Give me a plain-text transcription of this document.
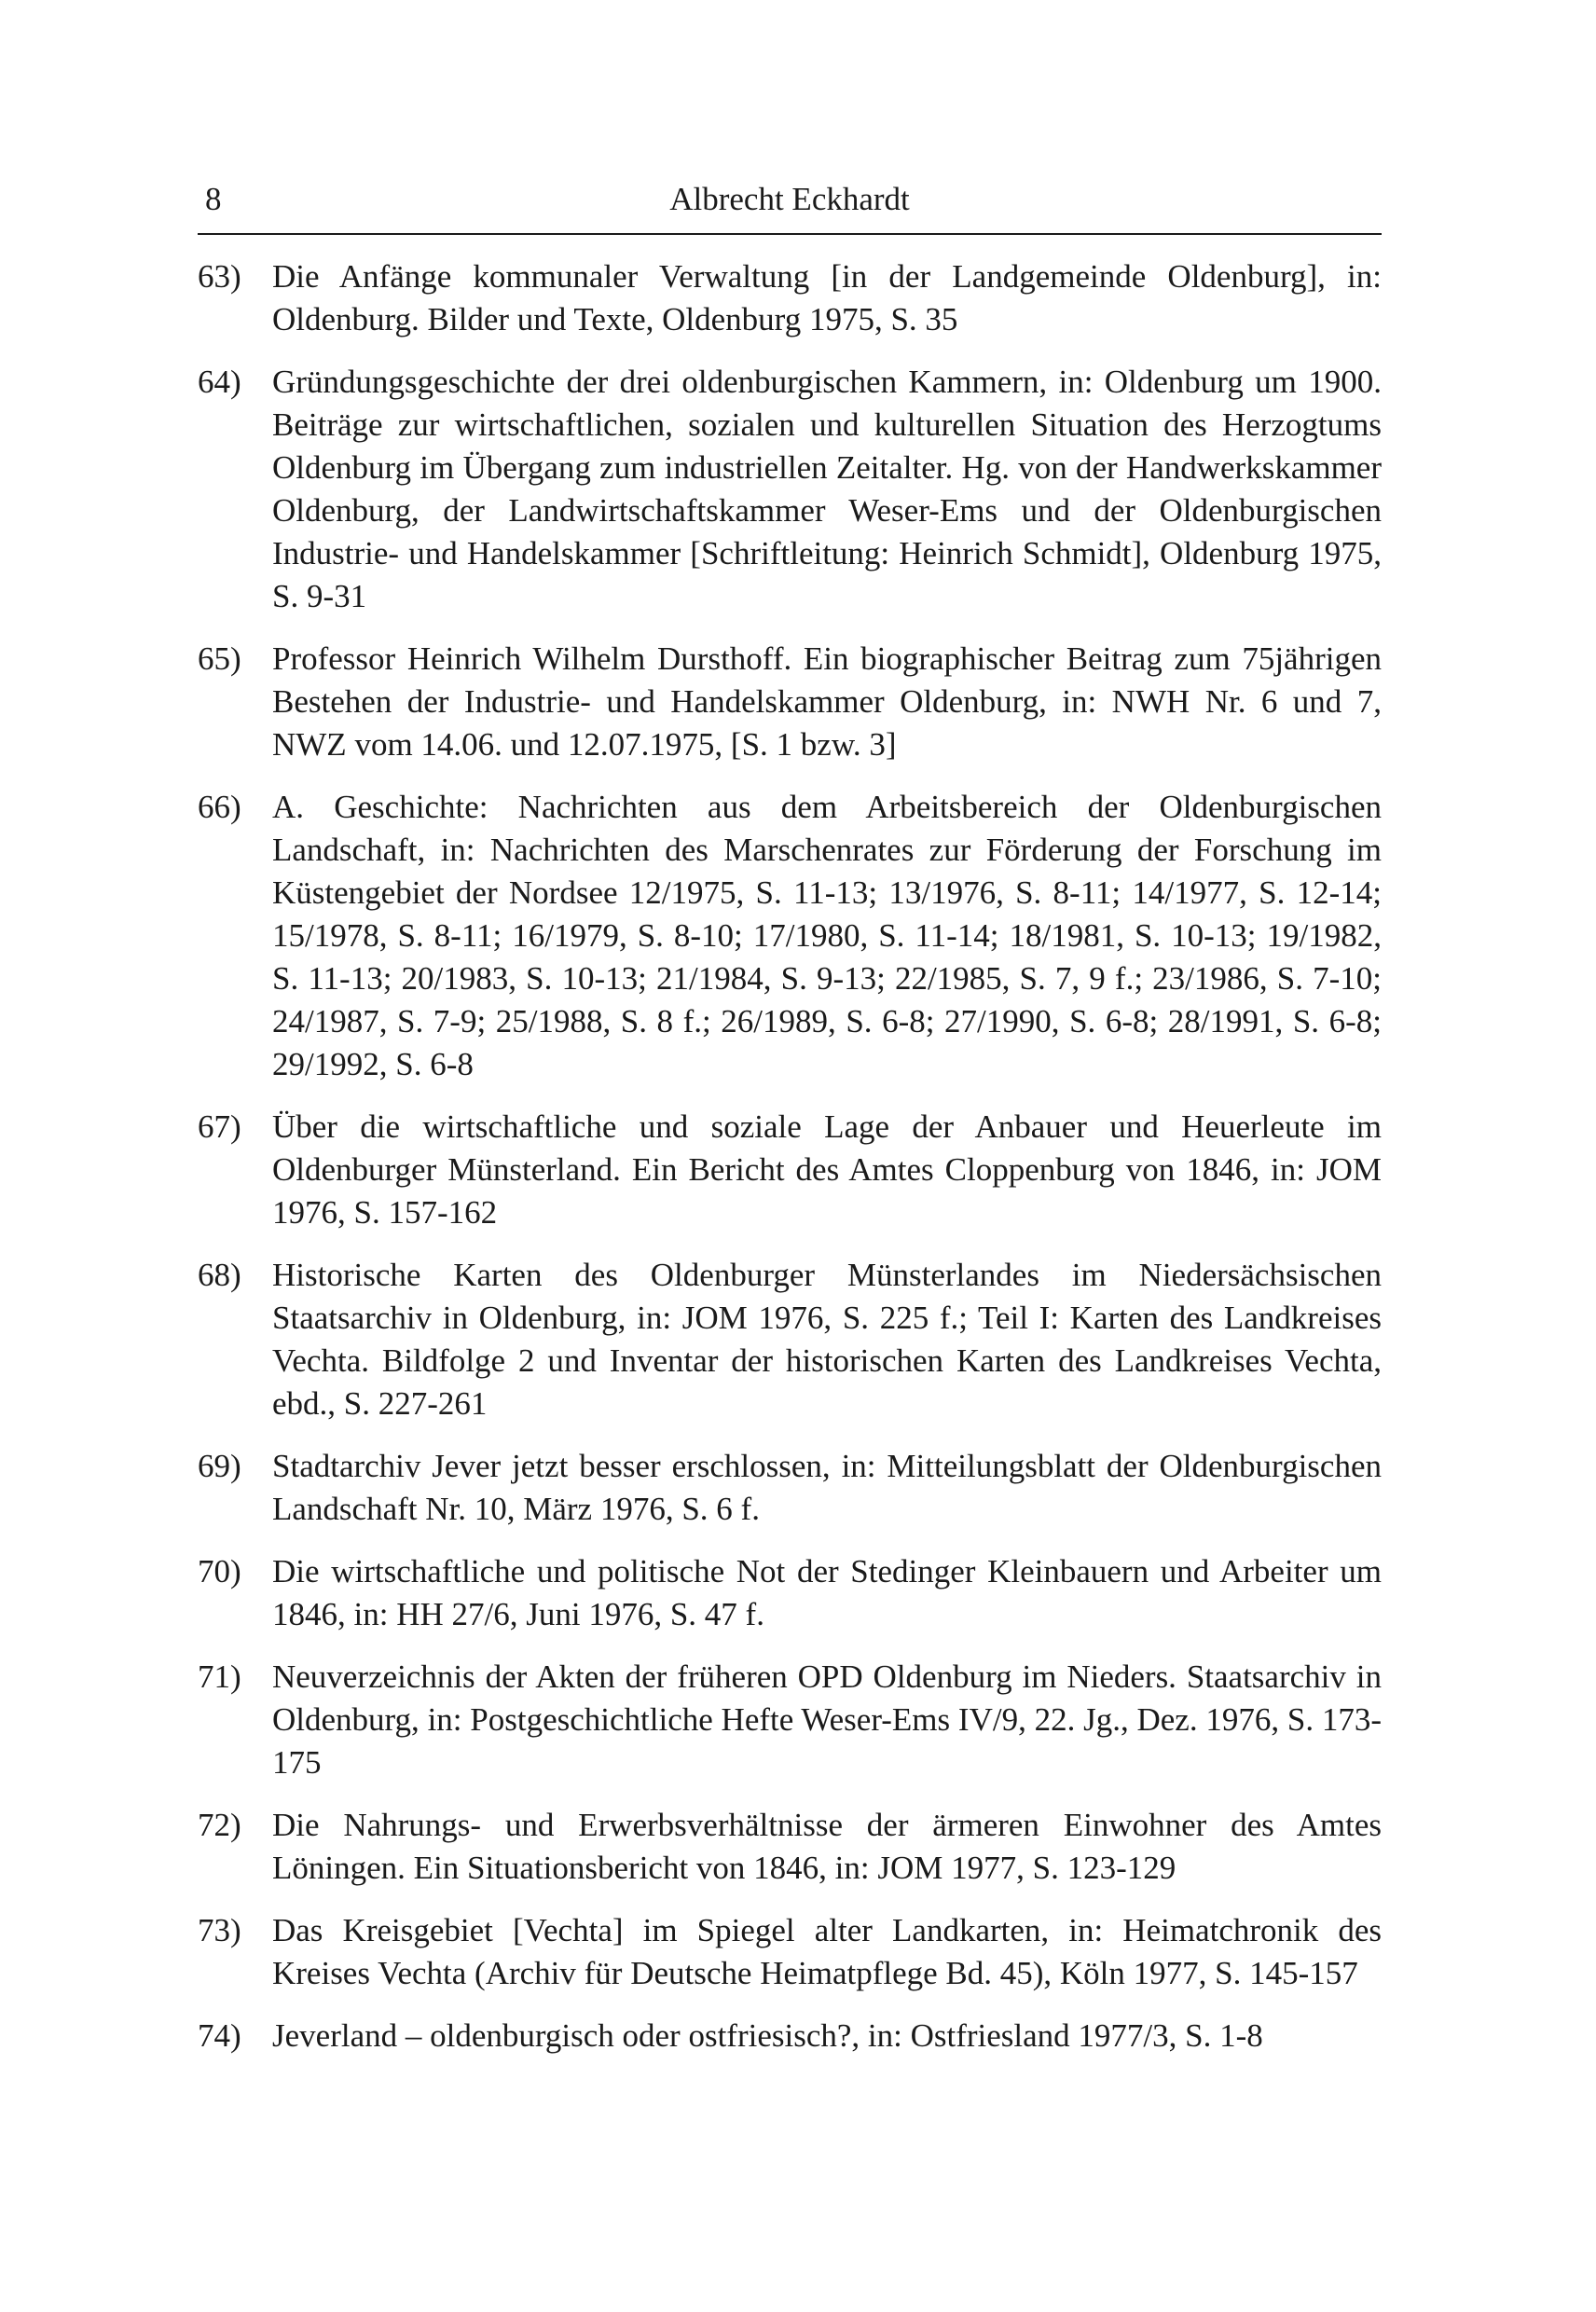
8	Albrecht Eckhardt
63) Die Anfänge kommunaler Verwaltung [in der Landgemeinde Oldenburg], in: Oldenburg. Bilder und Texte, Oldenburg 1975, S. 35
64) Gründungsgeschichte der drei oldenburgischen Kammern, in: Oldenburg um 1900. Beiträge zur wirtschaftlichen, sozialen und kulturellen Situation des Herzogtums Oldenburg im Übergang zum industriellen Zeitalter. Hg. von der Handwerkskammer Oldenburg, der Landwirtschaftskammer Weser-Ems und der Oldenburgischen Industrie- und Handelskammer [Schriftleitung: Heinrich Schmidt], Oldenburg 1975, S. 9-31
65) Professor Heinrich Wilhelm Dursthoff. Ein biographischer Beitrag zum 75jährigen Bestehen der Industrie- und Handelskammer Oldenburg, in: NWH Nr. 6 und 7, NWZ vom 14.06. und 12.07.1975, [S. 1 bzw. 3]
66) A. Geschichte: Nachrichten aus dem Arbeitsbereich der Oldenburgischen Landschaft, in: Nachrichten des Marschenrates zur Förderung der Forschung im Küstengebiet der Nordsee 12/1975, S. 11-13; 13/1976, S. 8-11; 14/1977, S. 12-14; 15/1978, S. 8-11; 16/1979, S. 8-10; 17/1980, S. 11-14; 18/1981, S. 10-13; 19/1982, S. 11-13; 20/1983, S. 10-13; 21/1984, S. 9-13; 22/1985, S. 7, 9 f.; 23/1986, S. 7-10; 24/1987, S. 7-9; 25/1988, S. 8 f.; 26/1989, S. 6-8; 27/1990, S. 6-8; 28/1991, S. 6-8; 29/1992, S. 6-8
67) Über die wirtschaftliche und soziale Lage der Anbauer und Heuerleute im Oldenburger Münsterland. Ein Bericht des Amtes Cloppenburg von 1846, in: JOM 1976, S. 157-162
68) Historische Karten des Oldenburger Münsterlandes im Niedersächsischen Staatsarchiv in Oldenburg, in: JOM 1976, S. 225 f.; Teil I: Karten des Landkreises Vechta. Bildfolge 2 und Inventar der historischen Karten des Landkreises Vechta, ebd., S. 227-261
69) Stadtarchiv Jever jetzt besser erschlossen, in: Mitteilungsblatt der Oldenburgischen Landschaft Nr. 10, März 1976, S. 6 f.
70) Die wirtschaftliche und politische Not der Stedinger Kleinbauern und Arbeiter um 1846, in: HH 27/6, Juni 1976, S. 47 f.
71) Neuverzeichnis der Akten der früheren OPD Oldenburg im Nieders. Staatsarchiv in Oldenburg, in: Postgeschichtliche Hefte Weser-Ems IV/9, 22. Jg., Dez. 1976, S. 173-175
72) Die Nahrungs- und Erwerbsverhältnisse der ärmeren Einwohner des Amtes Löningen. Ein Situationsbericht von 1846, in: JOM 1977, S. 123-129
73) Das Kreisgebiet [Vechta] im Spiegel alter Landkarten, in: Heimatchronik des Kreises Vechta (Archiv für Deutsche Heimatpflege Bd. 45), Köln 1977, S. 145-157
74) Jeverland – oldenburgisch oder ostfriesisch?, in: Ostfriesland 1977/3, S. 1-8
